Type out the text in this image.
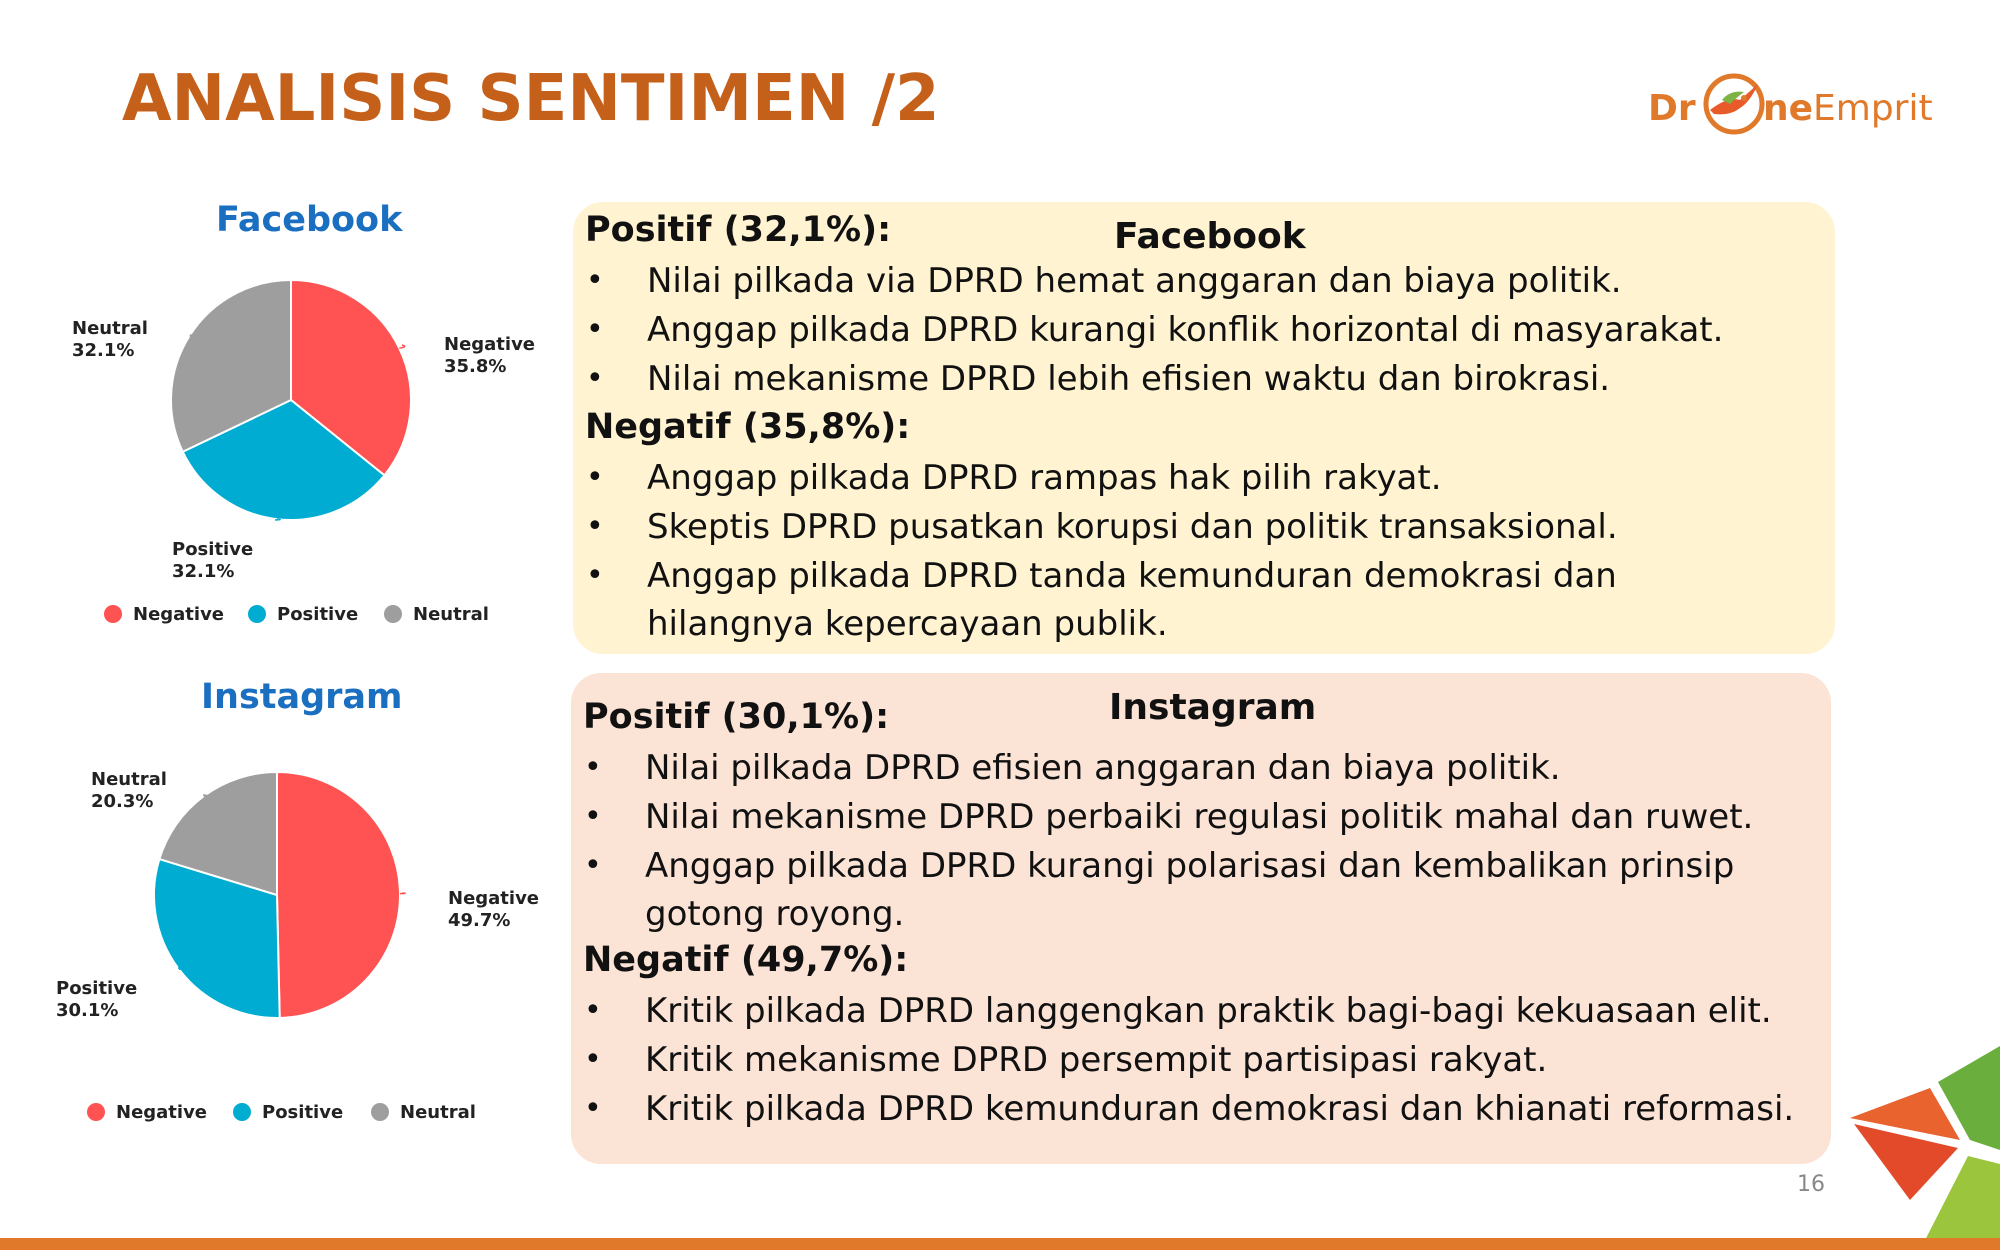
ANALISIS SENTIMEN /2	Dr ne Emprit
Facebook
Negative
35.8%
Positive
32.1%
Neutral
32.1%
Negative	Positive	Neutral
Instagram
Negative
49.7%
Positive
30.1%
Neutral
20.3%
Negative	Positive	Neutral
Positif (32,1%):	Facebook
• Nilai pilkada via DPRD hemat anggaran dan biaya politik.
• Anggap pilkada DPRD kurangi konflik horizontal di masyarakat.
• Nilai mekanisme DPRD lebih efisien waktu dan birokrasi.
Negatif (35,8%):
• Anggap pilkada DPRD rampas hak pilih rakyat.
• Skeptis DPRD pusatkan korupsi dan politik transaksional.
• Anggap pilkada DPRD tanda kemunduran demokrasi dan hilangnya kepercayaan publik.
Instagram
Positif (30,1%):
• Nilai pilkada DPRD efisien anggaran dan biaya politik.
• Nilai mekanisme DPRD perbaiki regulasi politik mahal dan ruwet.
• Anggap pilkada DPRD kurangi polarisasi dan kembalikan prinsip gotong royong.
Negatif (49,7%):
• Kritik pilkada DPRD langgengkan praktik bagi-bagi kekuasaan elit.
• Kritik mekanisme DPRD persempit partisipasi rakyat.
• Kritik pilkada DPRD kemunduran demokrasi dan khianati reformasi.
16
